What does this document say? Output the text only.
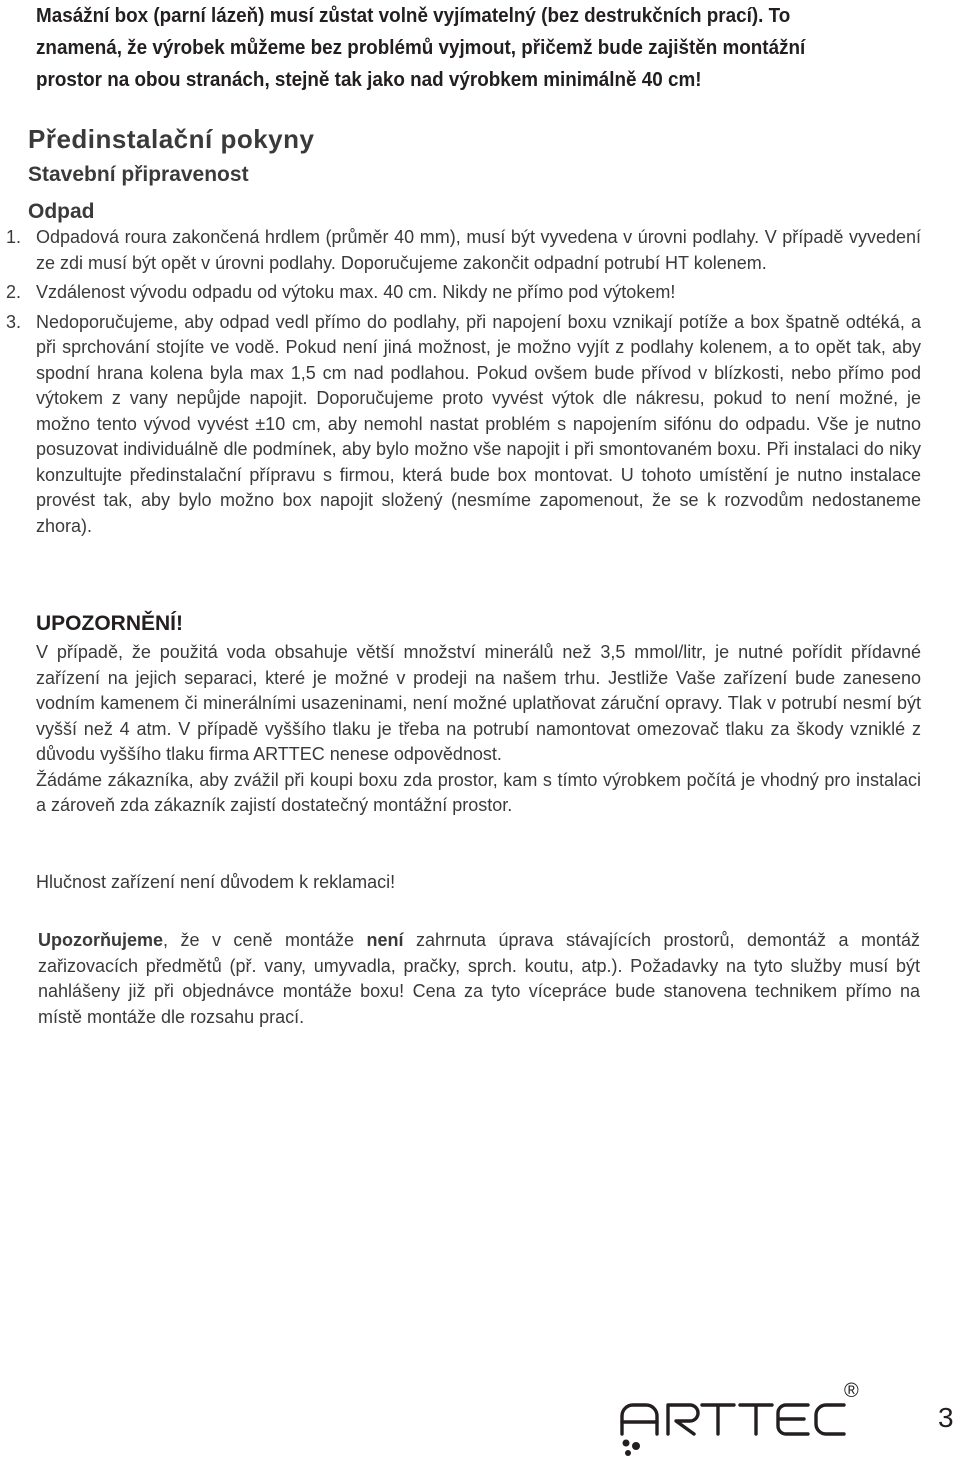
Masážní box (parní lázeň) musí zůstat volně vyjímatelný (bez destrukčních prací). To znamená, že výrobek můžeme bez problémů vyjmout, přičemž bude zajištěn montážní prostor na obou stranách, stejně tak jako nad výrobkem minimálně 40 cm!

Předinstalační pokyny
Stavební připravenost
Odpad
1. Odpadová roura zakončená hrdlem (průměr 40 mm), musí být vyvedena v úrovni podlahy. V případě vyvedení ze zdi musí být opět v úrovni podlahy. Doporučujeme zakončit odpadní potrubí HT kolenem.
2. Vzdálenost vývodu odpadu od výtoku max. 40 cm. Nikdy ne přímo pod výtokem!
3. Nedoporučujeme, aby odpad vedl přímo do podlahy, při napojení boxu vznikají potíže a box špatně odtéká, a při sprchování stojíte ve vodě. Pokud není jiná možnost, je možno vyjít z podlahy kolenem, a to opět tak, aby spodní hrana kolena byla max 1,5 cm nad podlahou. Pokud ovšem bude přívod v blízkosti, nebo přímo pod výtokem z vany nepůjde napojit. Doporučujeme proto vyvést výtok dle nákresu, pokud to není možné, je možno tento vývod vyvést ±10 cm, aby nemohl nastat problém s napojením sifónu do odpadu. Vše je nutno posuzovat individuálně dle podmínek, aby bylo možno vše napojit i při smontovaném boxu. Při instalaci do niky konzultujte předinstalační přípravu s firmou, která bude box montovat. U tohoto umístění je nutno instalace provést tak, aby bylo možno box napojit složený (nesmíme zapomenout, že se k rozvodům nedostaneme zhora).
UPOZORNĚNÍ!

V případě, že použitá voda obsahuje větší množství minerálů než 3,5 mmol/litr, je nutné pořídit přídavné zařízení na jejich separaci, které je možné v prodeji na našem trhu. Jestliže Vaše zařízení bude zaneseno vodním kamenem či minerálními usazeninami, není možné uplatňovat záruční opravy. Tlak v potrubí nesmí být vyšší než 4 atm. V případě vyššího tlaku je třeba na potrubí namontovat omezovač tlaku za škody vzniklé z důvodu vyššího tlaku firma ARTTEC nenese odpovědnost.

Žádáme zákazníka, aby zvážil při koupi boxu zda prostor, kam s tímto výrobkem počítá je vhodný pro instalaci a zároveň zda zákazník zajistí dostatečný montážní prostor.

Hlučnost zařízení není důvodem k reklamaci!

Upozorňujeme, že v ceně montáže není zahrnuta úprava stávajících prostorů, demontáž a montáž zařizovacích předmětů (př. vany, umyvadla, pračky, sprch. koutu, atp.). Požadavky na tyto služby musí být nahlášeny již při objednávce montáže boxu! Cena za tyto vícepráce bude stanovena technikem přímo na místě montáže dle rozsahu prací.

®
3
